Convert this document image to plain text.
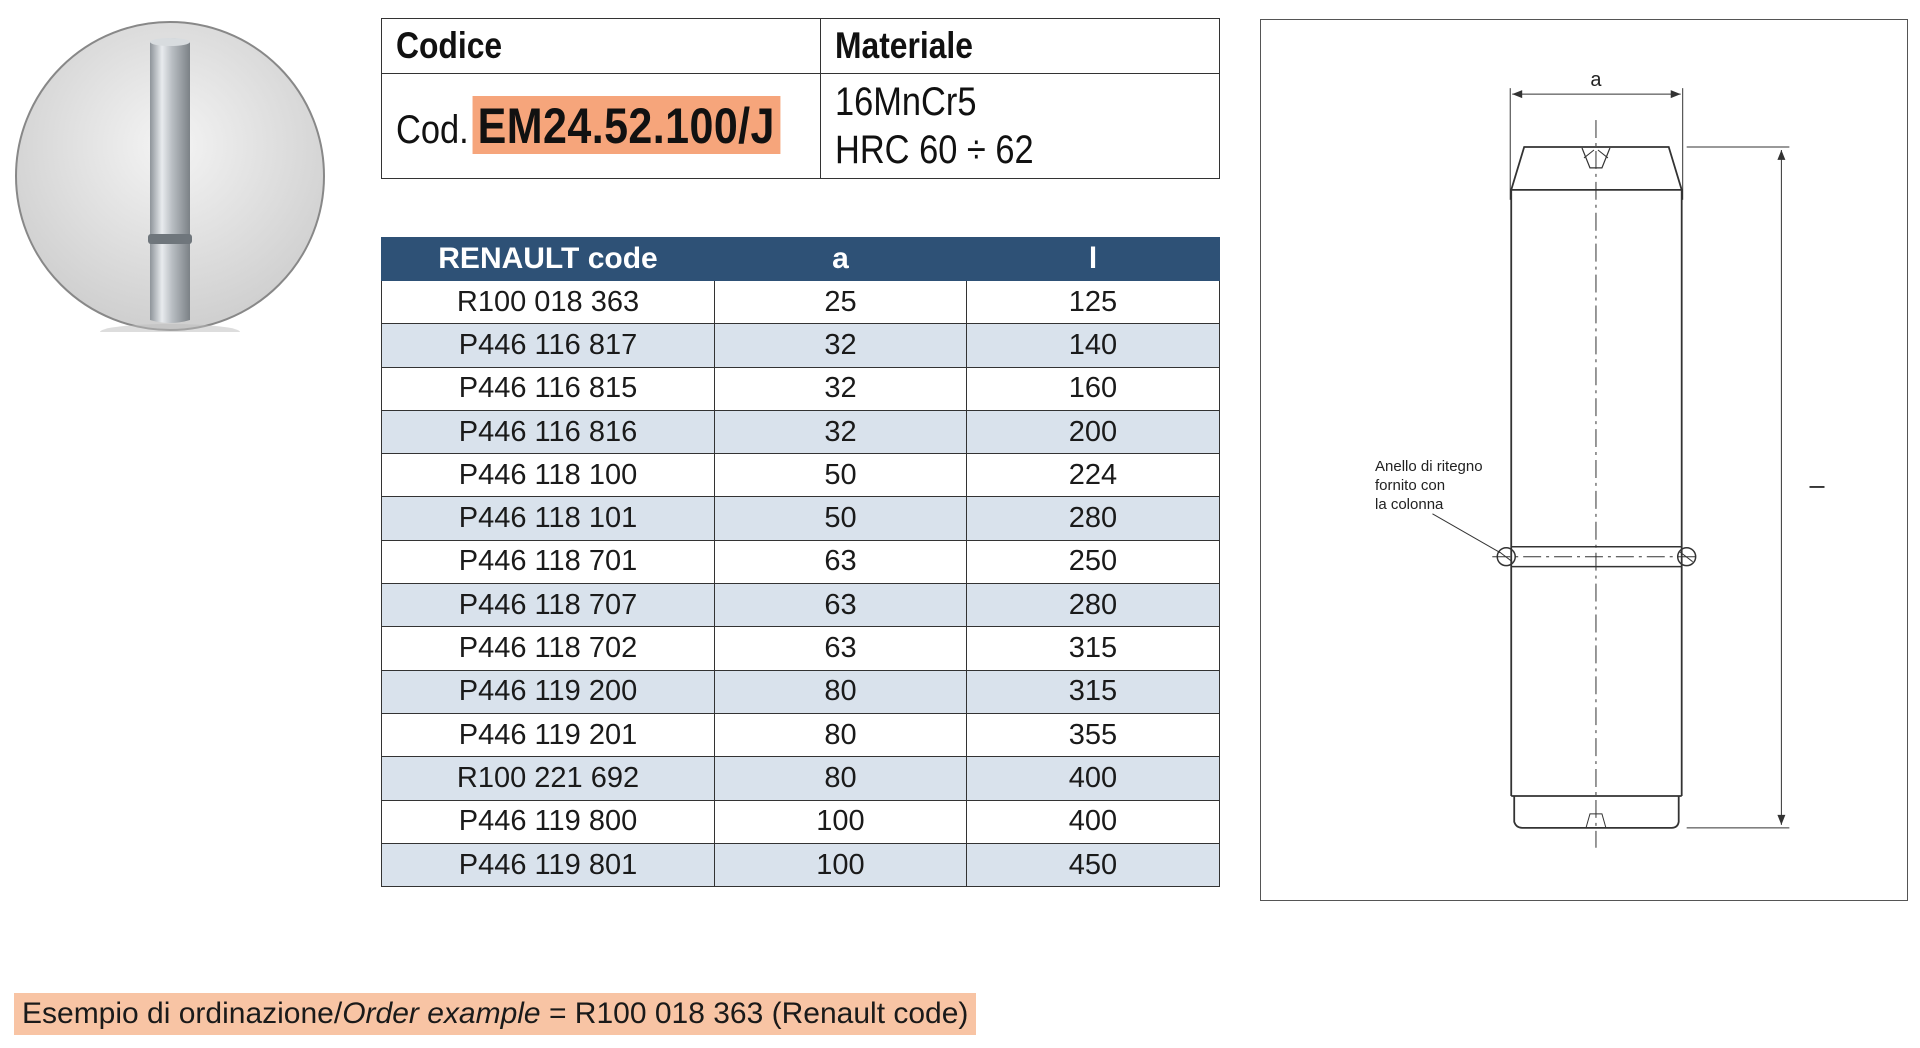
Codice	Materiale
Cod. EM24.52.100/J	16MnCr5
HRC 60 ÷ 62
RENAULT code	a	l
R100 018 363	25	125
P446 116 817	32	140
P446 116 815	32	160
P446 116 816	32	200
P446 118 100	50	224
P446 118 101	50	280
P446 118 701	63	250
P446 118 707	63	280
P446 118 702	63	315
P446 119 200	80	315
P446 119 201	80	355
R100 221 692	80	400
P446 119 800	100	400
P446 119 801	100	450
a
l
Anello di ritegno
fornito con
la colonna
Esempio di ordinazione/Order example = R100 018 363 (Renault code)
